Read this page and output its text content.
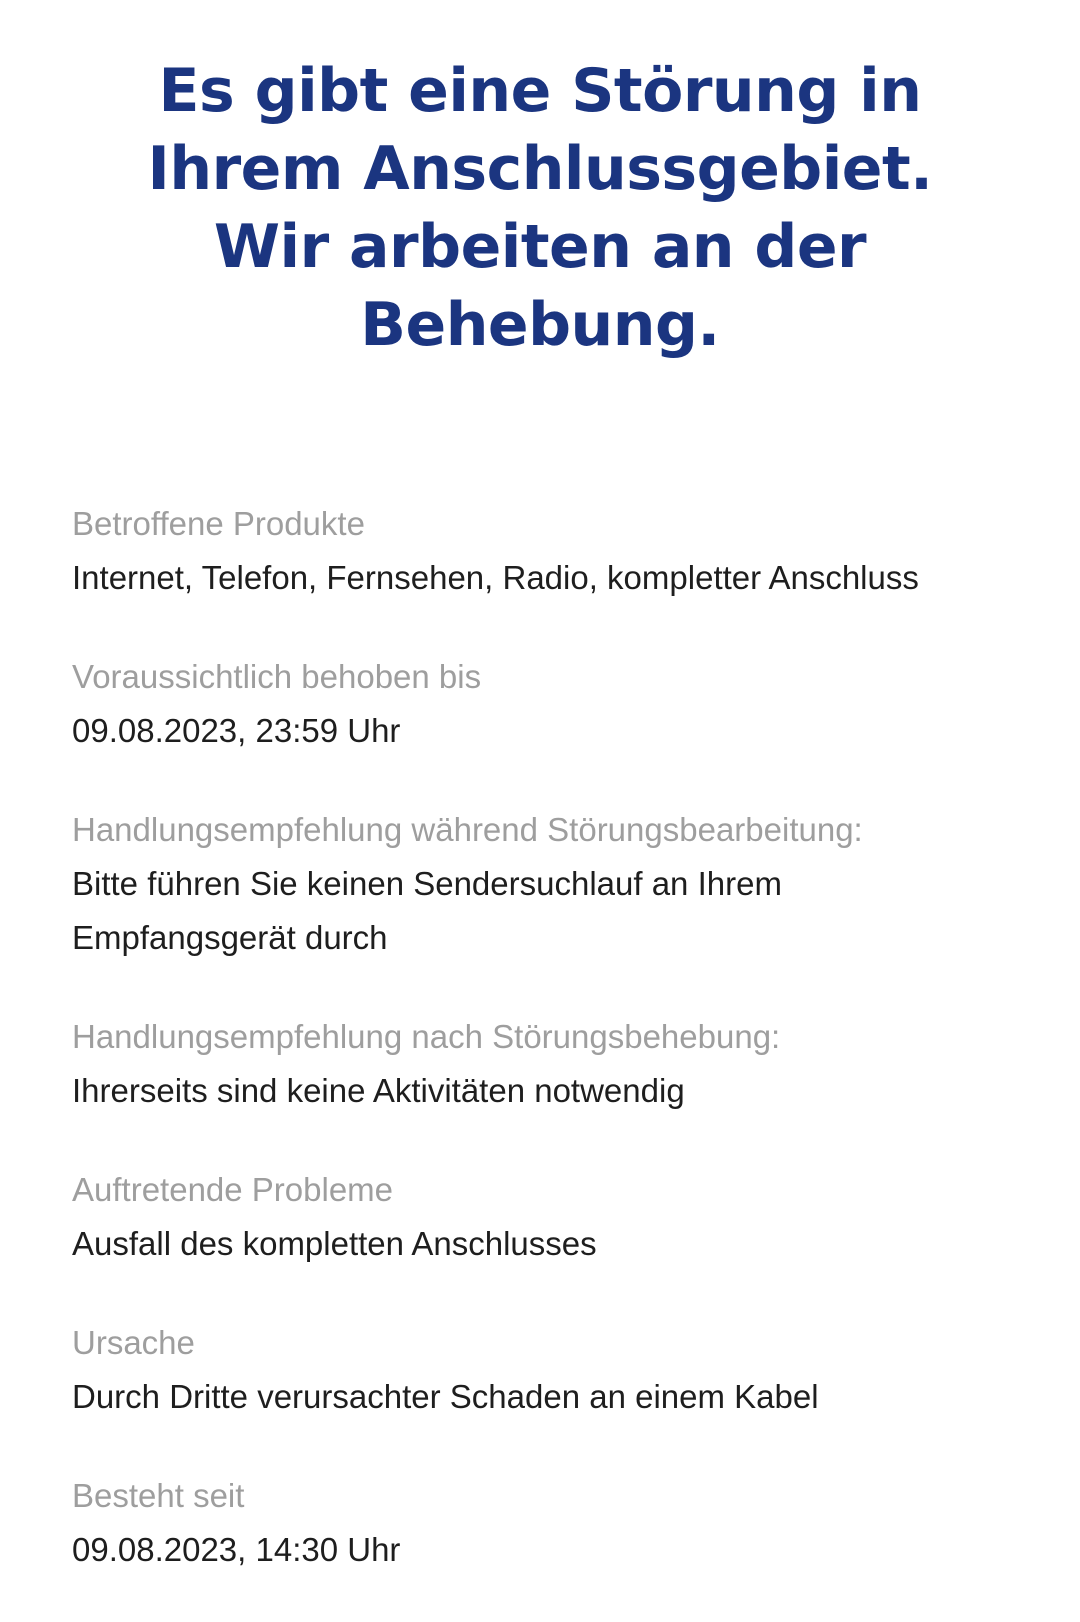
Es gibt eine Störung in Ihrem Anschlussgebiet. Wir arbeiten an der Behebung.
Betroffene Produkte
Internet, Telefon, Fernsehen, Radio, kompletter Anschluss
Voraussichtlich behoben bis
09.08.2023, 23:59 Uhr
Handlungsempfehlung während Störungsbearbeitung:
Bitte führen Sie keinen Sendersuchlauf an Ihrem Empfangsgerät durch
Handlungsempfehlung nach Störungsbehebung:
Ihrerseits sind keine Aktivitäten notwendig
Auftretende Probleme
Ausfall des kompletten Anschlusses
Ursache
Durch Dritte verursachter Schaden an einem Kabel
Besteht seit
09.08.2023, 14:30 Uhr
